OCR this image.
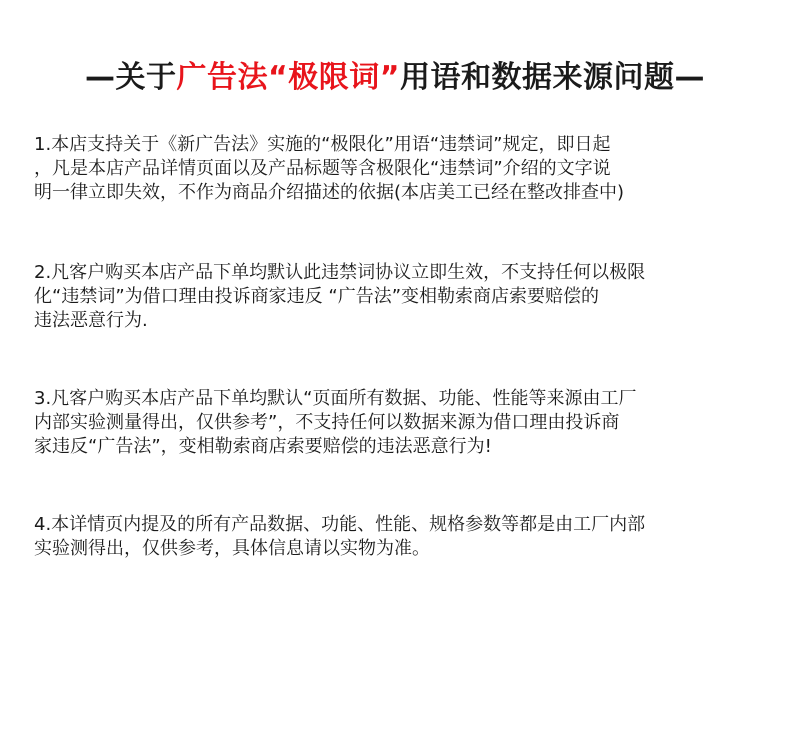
—关于广告法“极限词”用语和数据来源问题—

1.本店支持关于《新广告法》实施的“极限化”用语“违禁词”规定，即日起
，凡是本店产品详情页面以及产品标题等含极限化“违禁词”介绍的文字说
明一律立即失效，不作为商品介绍描述的依据(本店美工已经在整改排查中)

2.凡客户购买本店产品下单均默认此违禁词协议立即生效，不支持任何以极限
化“违禁词”为借口理由投诉商家违反 “广告法”变相勒索商店索要赔偿的
违法恶意行为.

3.凡客户购买本店产品下单均默认“页面所有数据、功能、性能等来源由工厂
内部实验测量得出，仅供参考”，不支持任何以数据来源为借口理由投诉商
家违反“广告法”，变相勒索商店索要赔偿的违法恶意行为!

4.本详情页内提及的所有产品数据、功能、性能、规格参数等都是由工厂内部
实验测得出，仅供参考，具体信息请以实物为准。
